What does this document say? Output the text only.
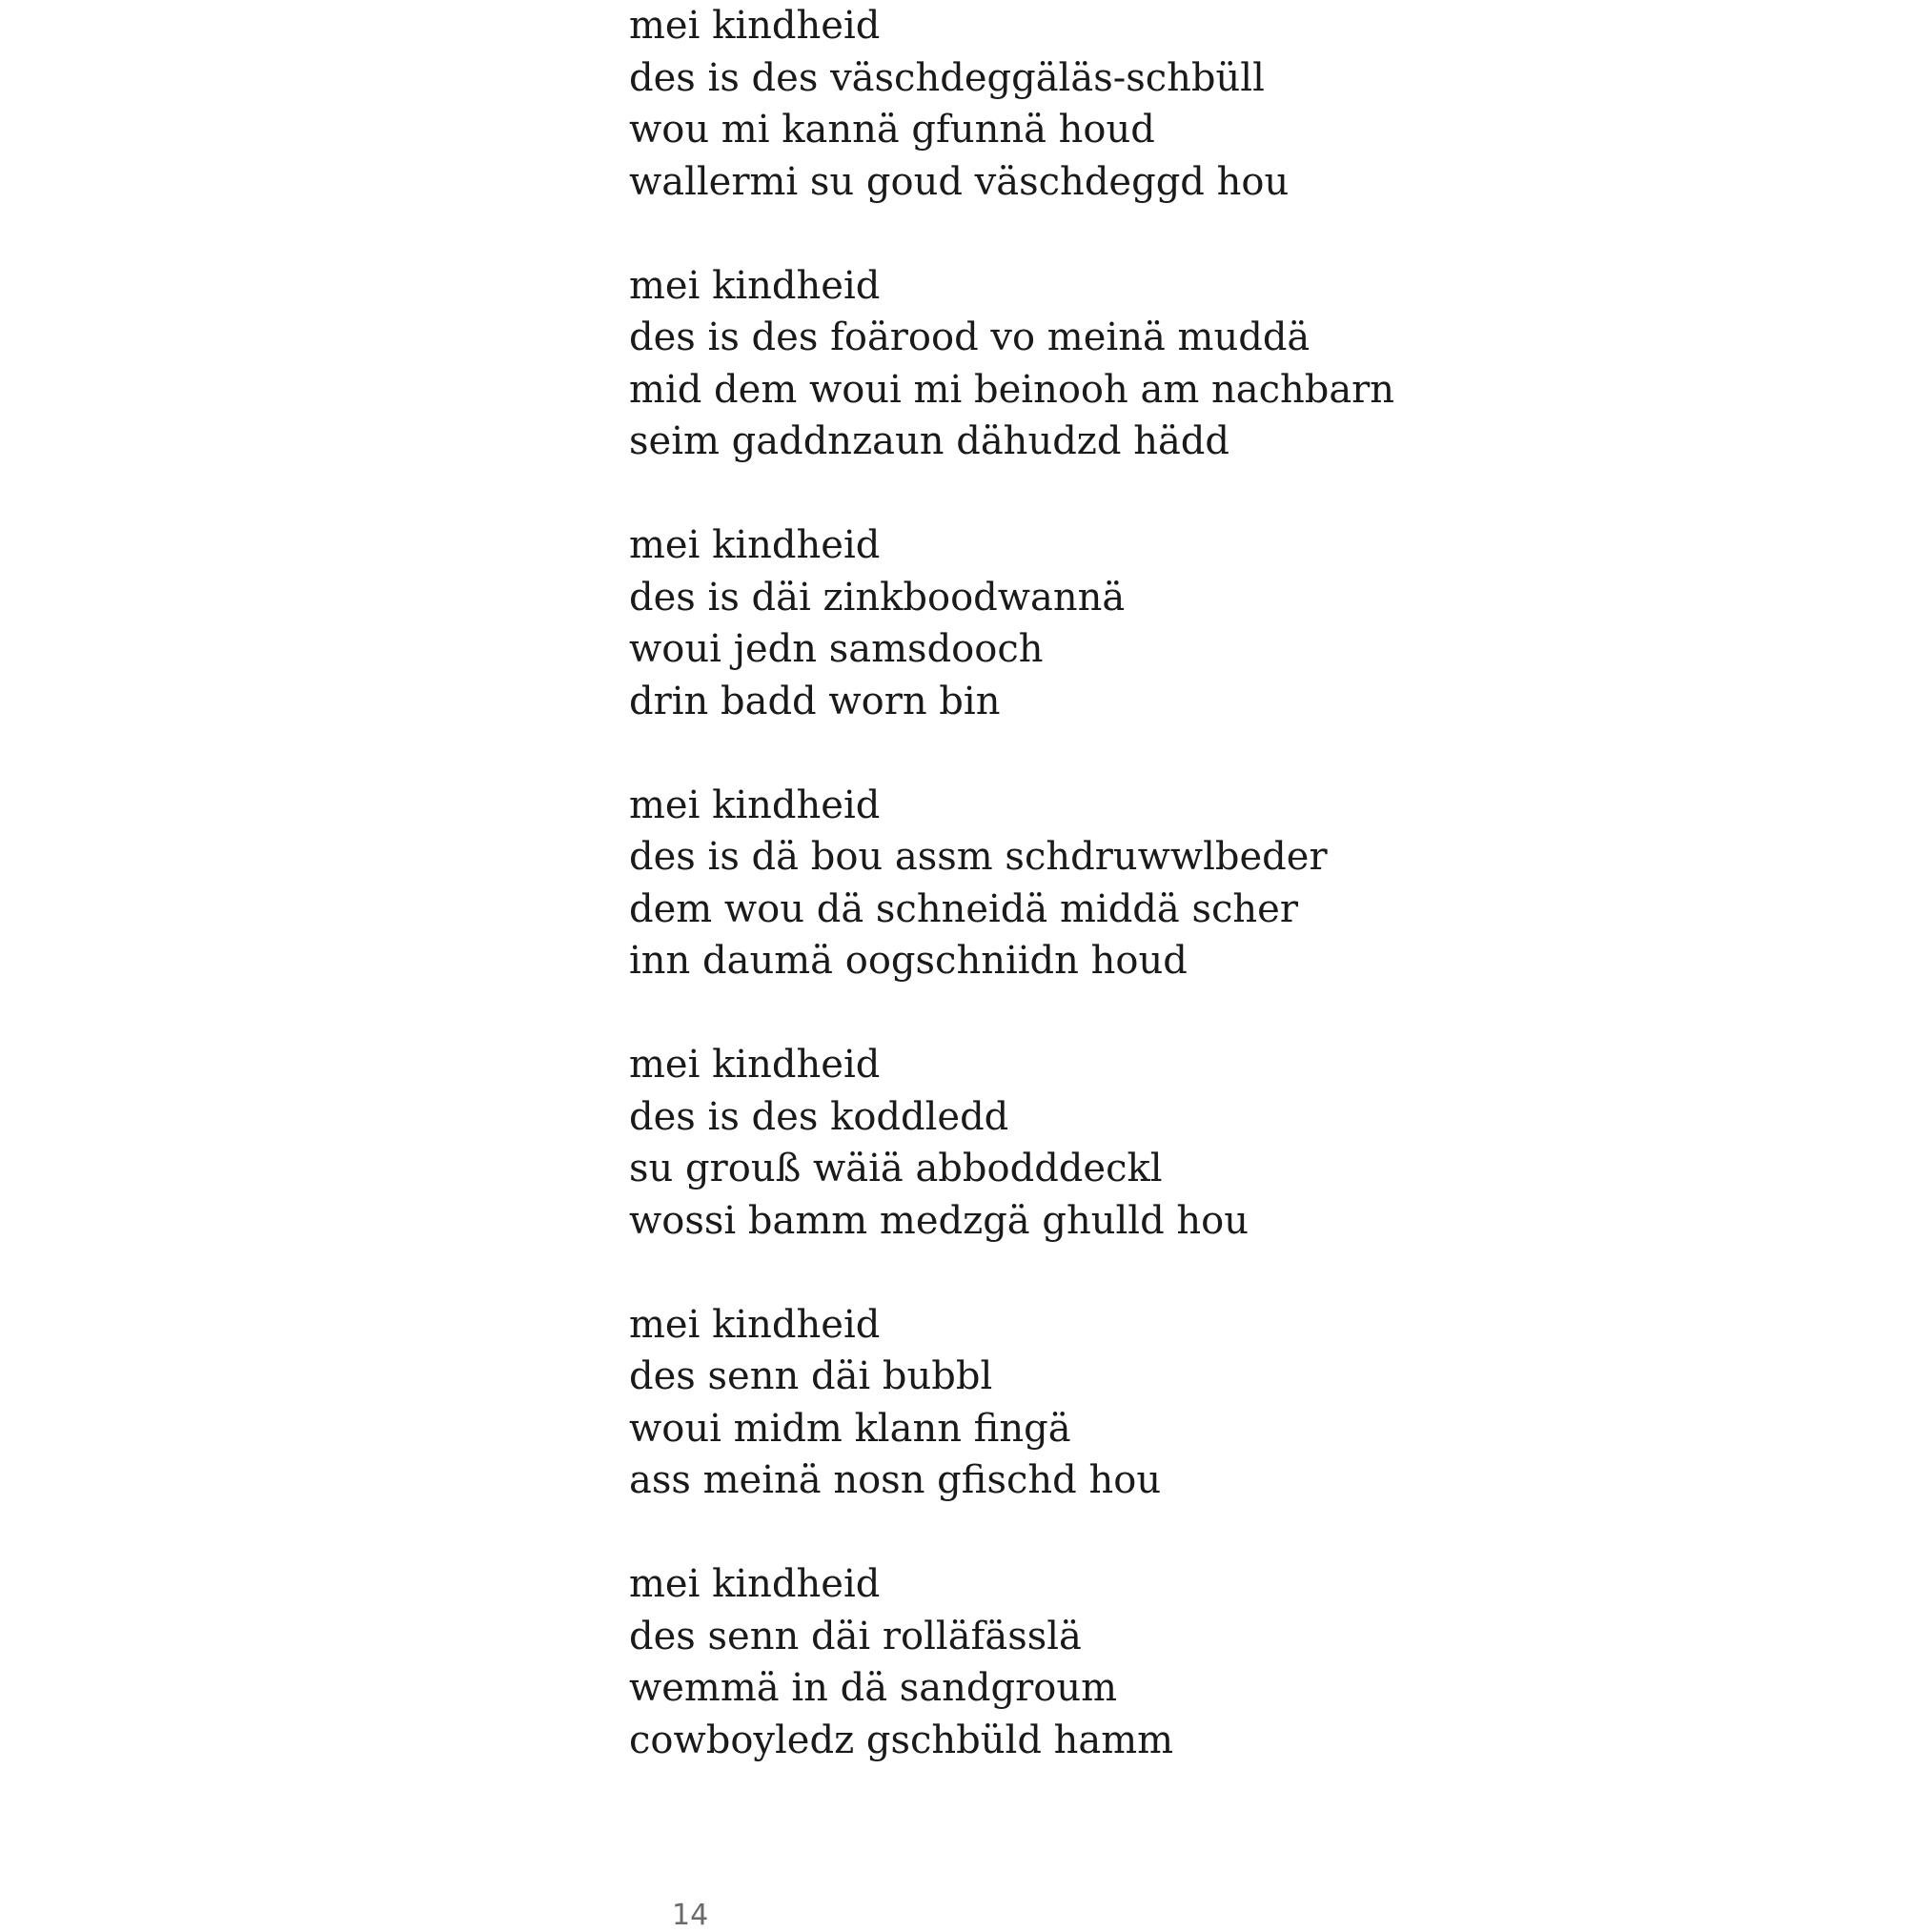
mei kindheid
des is des väschdeggäläs-schbüll
wou mi kannä gfunnä houd
wallermi su goud väschdeggd hou
mei kindheid
des is des foärood vo meinä muddä
mid dem woui mi beinooh am nachbarn
seim gaddnzaun dähudzd hädd
mei kindheid
des is däi zinkboodwannä
woui jedn samsdooch
drin badd worn bin
mei kindheid
des is dä bou assm schdruwwlbeder
dem wou dä schneidä middä scher
inn daumä oogschniidn houd
mei kindheid
des is des koddledd
su grouß wäiä abbodddeckl
wossi bamm medzgä ghulld hou
mei kindheid
des senn däi bubbl
woui midm klann fingä
ass meinä nosn gfischd hou
mei kindheid
des senn däi rolläfässlä
wemmä in dä sandgroum
cowboyledz gschbüld hamm
14
